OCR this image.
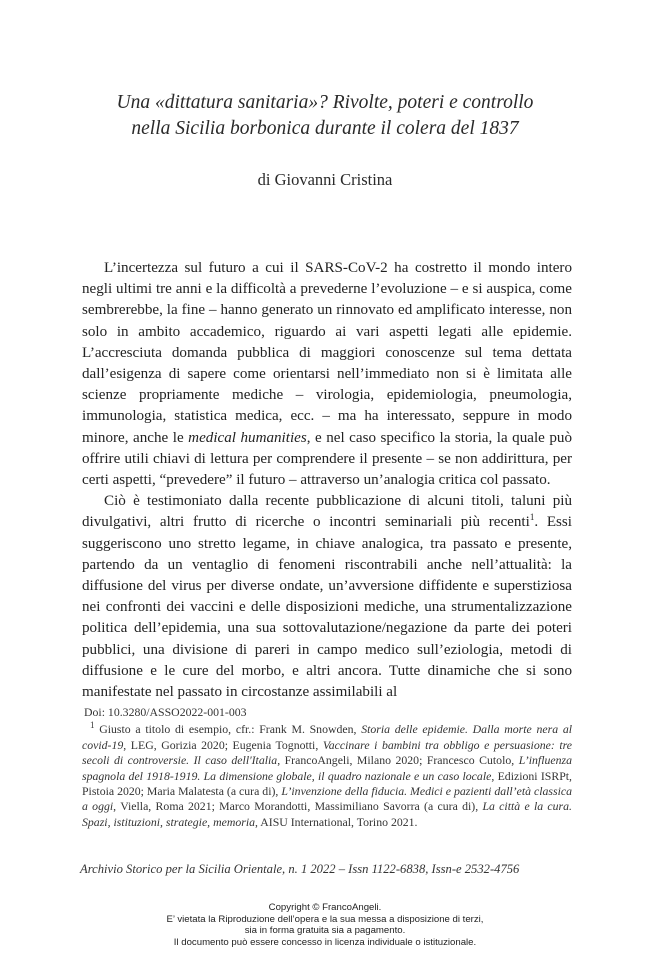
Una «dittatura sanitaria»? Rivolte, poteri e controllo
nella Sicilia borbonica durante il colera del 1837
di Giovanni Cristina

L’incertezza sul futuro a cui il SARS-CoV-2 ha costretto il mondo intero negli ultimi tre anni e la difficoltà a prevederne l’evoluzione – e si auspica, come sembrerebbe, la fine – hanno generato un rinnovato ed amplificato interesse, non solo in ambito accademico, riguardo ai vari aspetti legati alle epidemie. L’accresciuta domanda pubblica di maggiori conoscenze sul tema dettata dall’esigenza di sapere come orientarsi nell’immediato non si è limitata alle scienze propriamente mediche – virologia, epidemiologia, pneumologia, immunologia, statistica medica, ecc. – ma ha interessato, seppure in modo minore, anche le medical humanities, e nel caso specifico la storia, la quale può offrire utili chiavi di lettura per comprendere il presente – se non addirittura, per certi aspetti, “prevedere” il futuro – attraverso un’analogia critica col passato.

Ciò è testimoniato dalla recente pubblicazione di alcuni titoli, taluni più divulgativi, altri frutto di ricerche o incontri seminariali più recenti$^1$. Essi suggeriscono uno stretto legame, in chiave analogica, tra passato e presente, partendo da un ventaglio di fenomeni riscontrabili anche nell’attualità: la diffusione del virus per diverse ondate, un’avversione diffidente e superstiziosa nei confronti dei vaccini e delle disposizioni mediche, una strumentalizzazione politica dell’epidemia, una sua sottovalutazione/negazione da parte dei poteri pubblici, una divisione di pareri in campo medico sull’eziologia, metodi di diffusione e le cure del morbo, e altri ancora. Tutte dinamiche che si sono manifestate nel passato in circostanze assimilabili al

Doi: 10.3280/ASSO2022-001-003

$^1$ Giusto a titolo di esempio, cfr.: Frank M. Snowden, Storia delle epidemie. Dalla morte nera al covid-19, LEG, Gorizia 2020; Eugenia Tognotti, Vaccinare i bambini tra obbligo e persuasione: tre secoli di controversie. Il caso dell'Italia, FrancoAngeli, Milano 2020; Francesco Cutolo, L’influenza spagnola del 1918-1919. La dimensione globale, il quadro nazionale e un caso locale, Edizioni ISRPt, Pistoia 2020; Maria Malatesta (a cura di), L’invenzione della fiducia. Medici e pazienti dall’età classica a oggi, Viella, Roma 2021; Marco Morandotti, Massimiliano Savorra (a cura di), La città e la cura. Spazi, istituzioni, strategie, memoria, AISU International, Torino 2021.

Archivio Storico per la Sicilia Orientale, n. 1 2022 – Issn 1122-6838, Issn-e 2532-4756
Copyright © FrancoAngeli.
E’ vietata la Riproduzione dell’opera e la sua messa a disposizione di terzi,
sia in forma gratuita sia a pagamento.
Il documento può essere concesso in licenza individuale o istituzionale.
